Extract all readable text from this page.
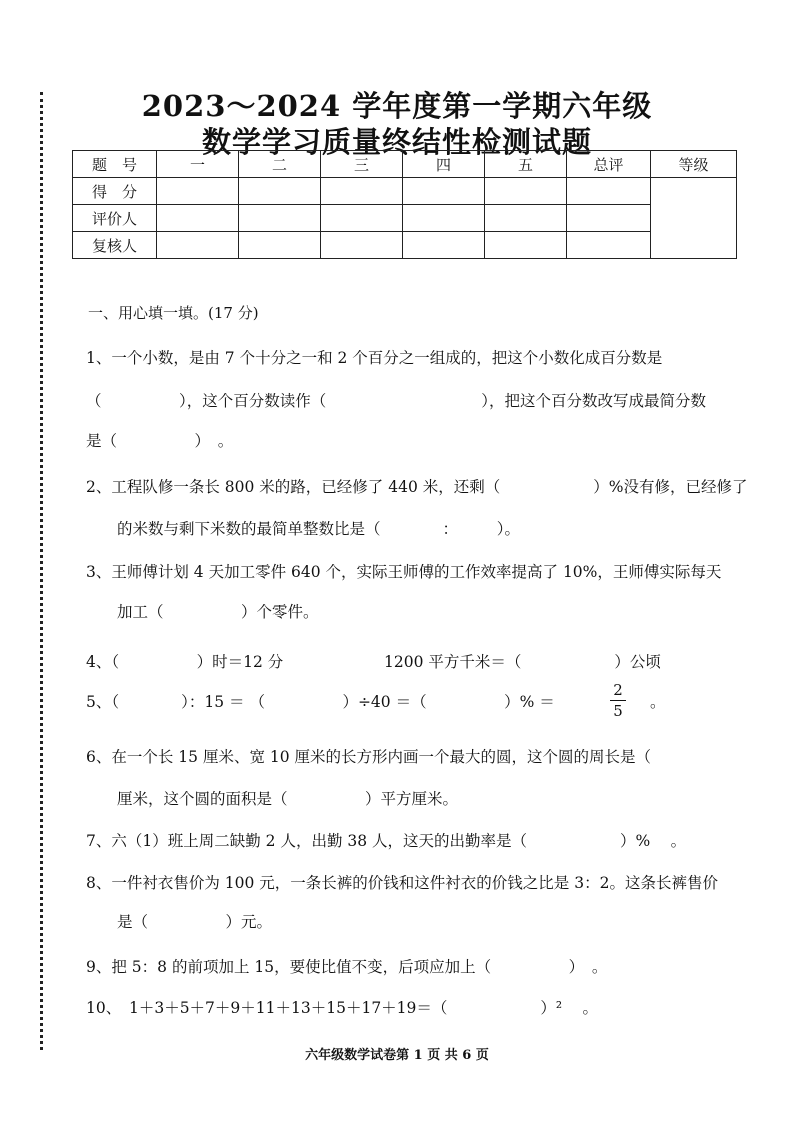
2023～2024 学年度第一学期六年级
数学学习质量终结性检测试题
题　号	一	二	三	四	五	总评	等级
得　分							
评价人							
复核人							
一、用心填一填。(17 分)
1、一个小数，是由 7 个十分之一和 2 个百分之一组成的，把这个小数化成百分数是
（　　　　　），这个百分数读作（　　　　　　　　　　），把这个百分数改写成最简分数
是（　　　　　）　。
2、工程队修一条长 800 米的路，已经修了 440 米，还剩（　　　　　　）%没有修，已经修了
的米数与剩下米数的最简单整数比是（　　　　：　　　）。
3、王师傅计划 4 天加工零件 640 个，实际王师傅的工作效率提高了 10%，王师傅实际每天
加工（　　　　　）个零件。
4、（　　　　　）时＝12 分	1200 平方千米＝（　　　　　　）公顷
5、（　　　　）：15 ＝ （　　　　　）÷40 ＝（　　　　　）% ＝
2
5 。
6、在一个长 15 厘米、宽 10 厘米的长方形内画一个最大的圆，这个圆的周长是（
厘米，这个圆的面积是（　　　　　）平方厘米。
7、六（1）班上周二缺勤 2 人，出勤 38 人，这天的出勤率是（　　　　　　）% 　。
8、一件衬衣售价为 100 元，一条长裤的价钱和这件衬衣的价钱之比是 3：2。这条长裤售价
是（　　　　　）元。
9、把 5：8 的前项加上 15，要使比值不变，后项应加上（　　　　　）　。
10、　1＋3＋5＋7＋9＋11＋13＋15＋17＋19＝（　　　　　　）² 　。
六年级数学试卷第 1 页 共 6 页
